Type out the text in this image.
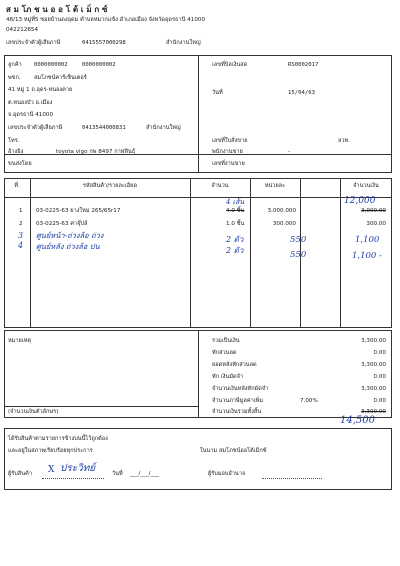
ส ม โภ ช น อ อ โ ต้ เ ม็ ก ซ์
48/13 หมู่ที่5 ซอยบ้านดงอุดม ตำบลหมากแข้ง อำเภอเมือง จังหวัดอุดรธานี 41000
042212654
เลขประจำตัวผู้เสียภาษี	0415557000298	สำนักงานใหญ่
ลูกค้า 0000000002	0000000002
พขก. สมโภชน์คาร์เซ็นเตอร์
41 หมู่ 1 ถ.อุดร-หนองคาย
ต.หนองบัว อ.เมือง
จ.อุดรธานี 41000
เลขประจำตัวผู้เสียภาษี	0413544000831	สำนักงานใหญ่
โทร.
อ้างอิง	toyota vigo กพ 8497 กาฬสินธุ์
ขนส่งโดย
เลขที่บิลเงินสด	RS0002017
วันที่	15/04/63
เลขที่ใบสั่งขาย	ลวท.
พนักงานขาย	-
เลขที่งานขาย
ที่.	รหัสสินค้า/รายละเอียด	จำนวน	หน่วยละ	จำนวนเงิน
1 03-0225-63 ยางใหม่ 265/65r17	4.0 ชิ้น	3,000.000	3,000.00
2 03-0225-63 ค่าจุ๊ปล์	1.0 ชิ้น	300.000	300.00
4 เส้น	12,000
3 ศูนย์หน้า-ถ่วงล้อ ถ่วง	2 ตัว	550	1,100
4 ศูนย์หลัง ถ่วงล้อ ปน	2 ตัว	550	1,100 -
หมายเหตุ
(จำนวนเงินตัวอักษร)
รวมเป็นเงิน	3,300.00
หักส่วนลด	0.00
ยอดหลังหักส่วนลด	3,300.00
หัก เงินมัดจำ	0.00
จำนวนเงินหลังหักมัดจำ	3,300.00
จำนวนภาษีมูลค่าเพิ่ม	7.00%	0.00
จำนวนเงินรวมทั้งสิ้น	3,300.00
14,500
ได้รับสินค้าตามรายการข้างบนนี้ไว้ถูกต้อง
และอยู่ในสภาพเรียบร้อยทุกประการ	ในนาม สมโภชน์ออโต้เม็กซ์
ผู้รับสินค้า X ประวิทย์	วันที่ ___/___/___	ผู้รับมอบอำนาจ
